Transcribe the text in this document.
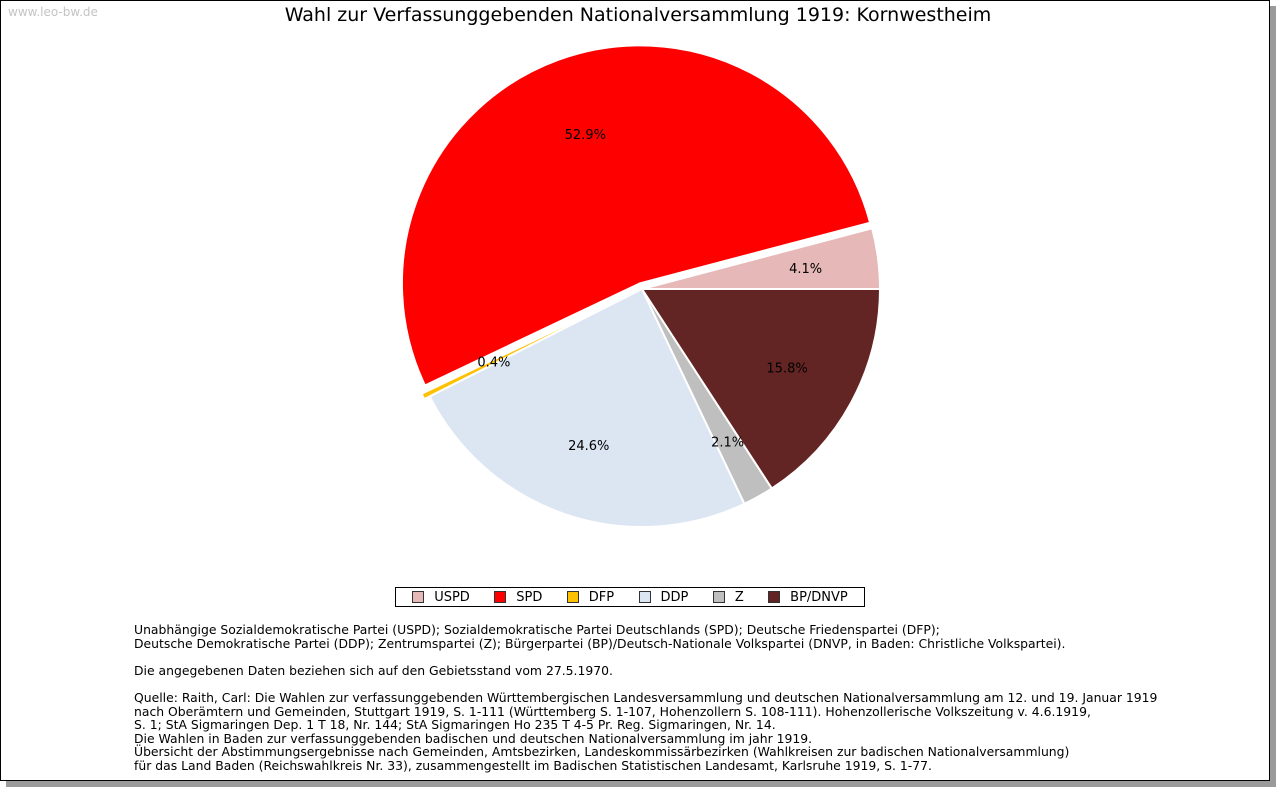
www.leo-bw.de	Wahl zur Verfassunggebenden Nationalversammlung 1919: Kornwestheim
4.1%
52.9%
0.4%
24.6%	2.1%
15.8%
USPD	SPD	DFP	DDP	Z	BP/DNVP

Unabhängige Sozialdemokratische Partei (USPD); Sozialdemokratische Partei Deutschlands (SPD); Deutsche Friedenspartei (DFP);
Deutsche Demokratische Partei (DDP); Zentrumspartei (Z); Bürgerpartei (BP)/Deutsch-Nationale Volkspartei (DNVP, in Baden: Christliche Volkspartei).

Die angegebenen Daten beziehen sich auf den Gebietsstand vom 27.5.1970.

Quelle: Raith, Carl: Die Wahlen zur verfassunggebenden Württembergischen Landesversammlung und deutschen Nationalversammlung am 12. und 19. Januar 1919
nach Oberämtern und Gemeinden, Stuttgart 1919, S. 1-111 (Württemberg S. 1-107, Hohenzollern S. 108-111). Hohenzollerische Volkszeitung v. 4.6.1919,
S. 1; StA Sigmaringen Dep. 1 T 18, Nr. 144; StA Sigmaringen Ho 235 T 4-5 Pr. Reg. Sigmaringen, Nr. 14.
Die Wahlen in Baden zur verfassunggebenden badischen und deutschen Nationalversammlung im jahr 1919.
Übersicht der Abstimmungsergebnisse nach Gemeinden, Amtsbezirken, Landeskommissärbezirken (Wahlkreisen zur badischen Nationalversammlung)
für das Land Baden (Reichswahlkreis Nr. 33), zusammengestellt im Badischen Statistischen Landesamt, Karlsruhe 1919, S. 1-77.
